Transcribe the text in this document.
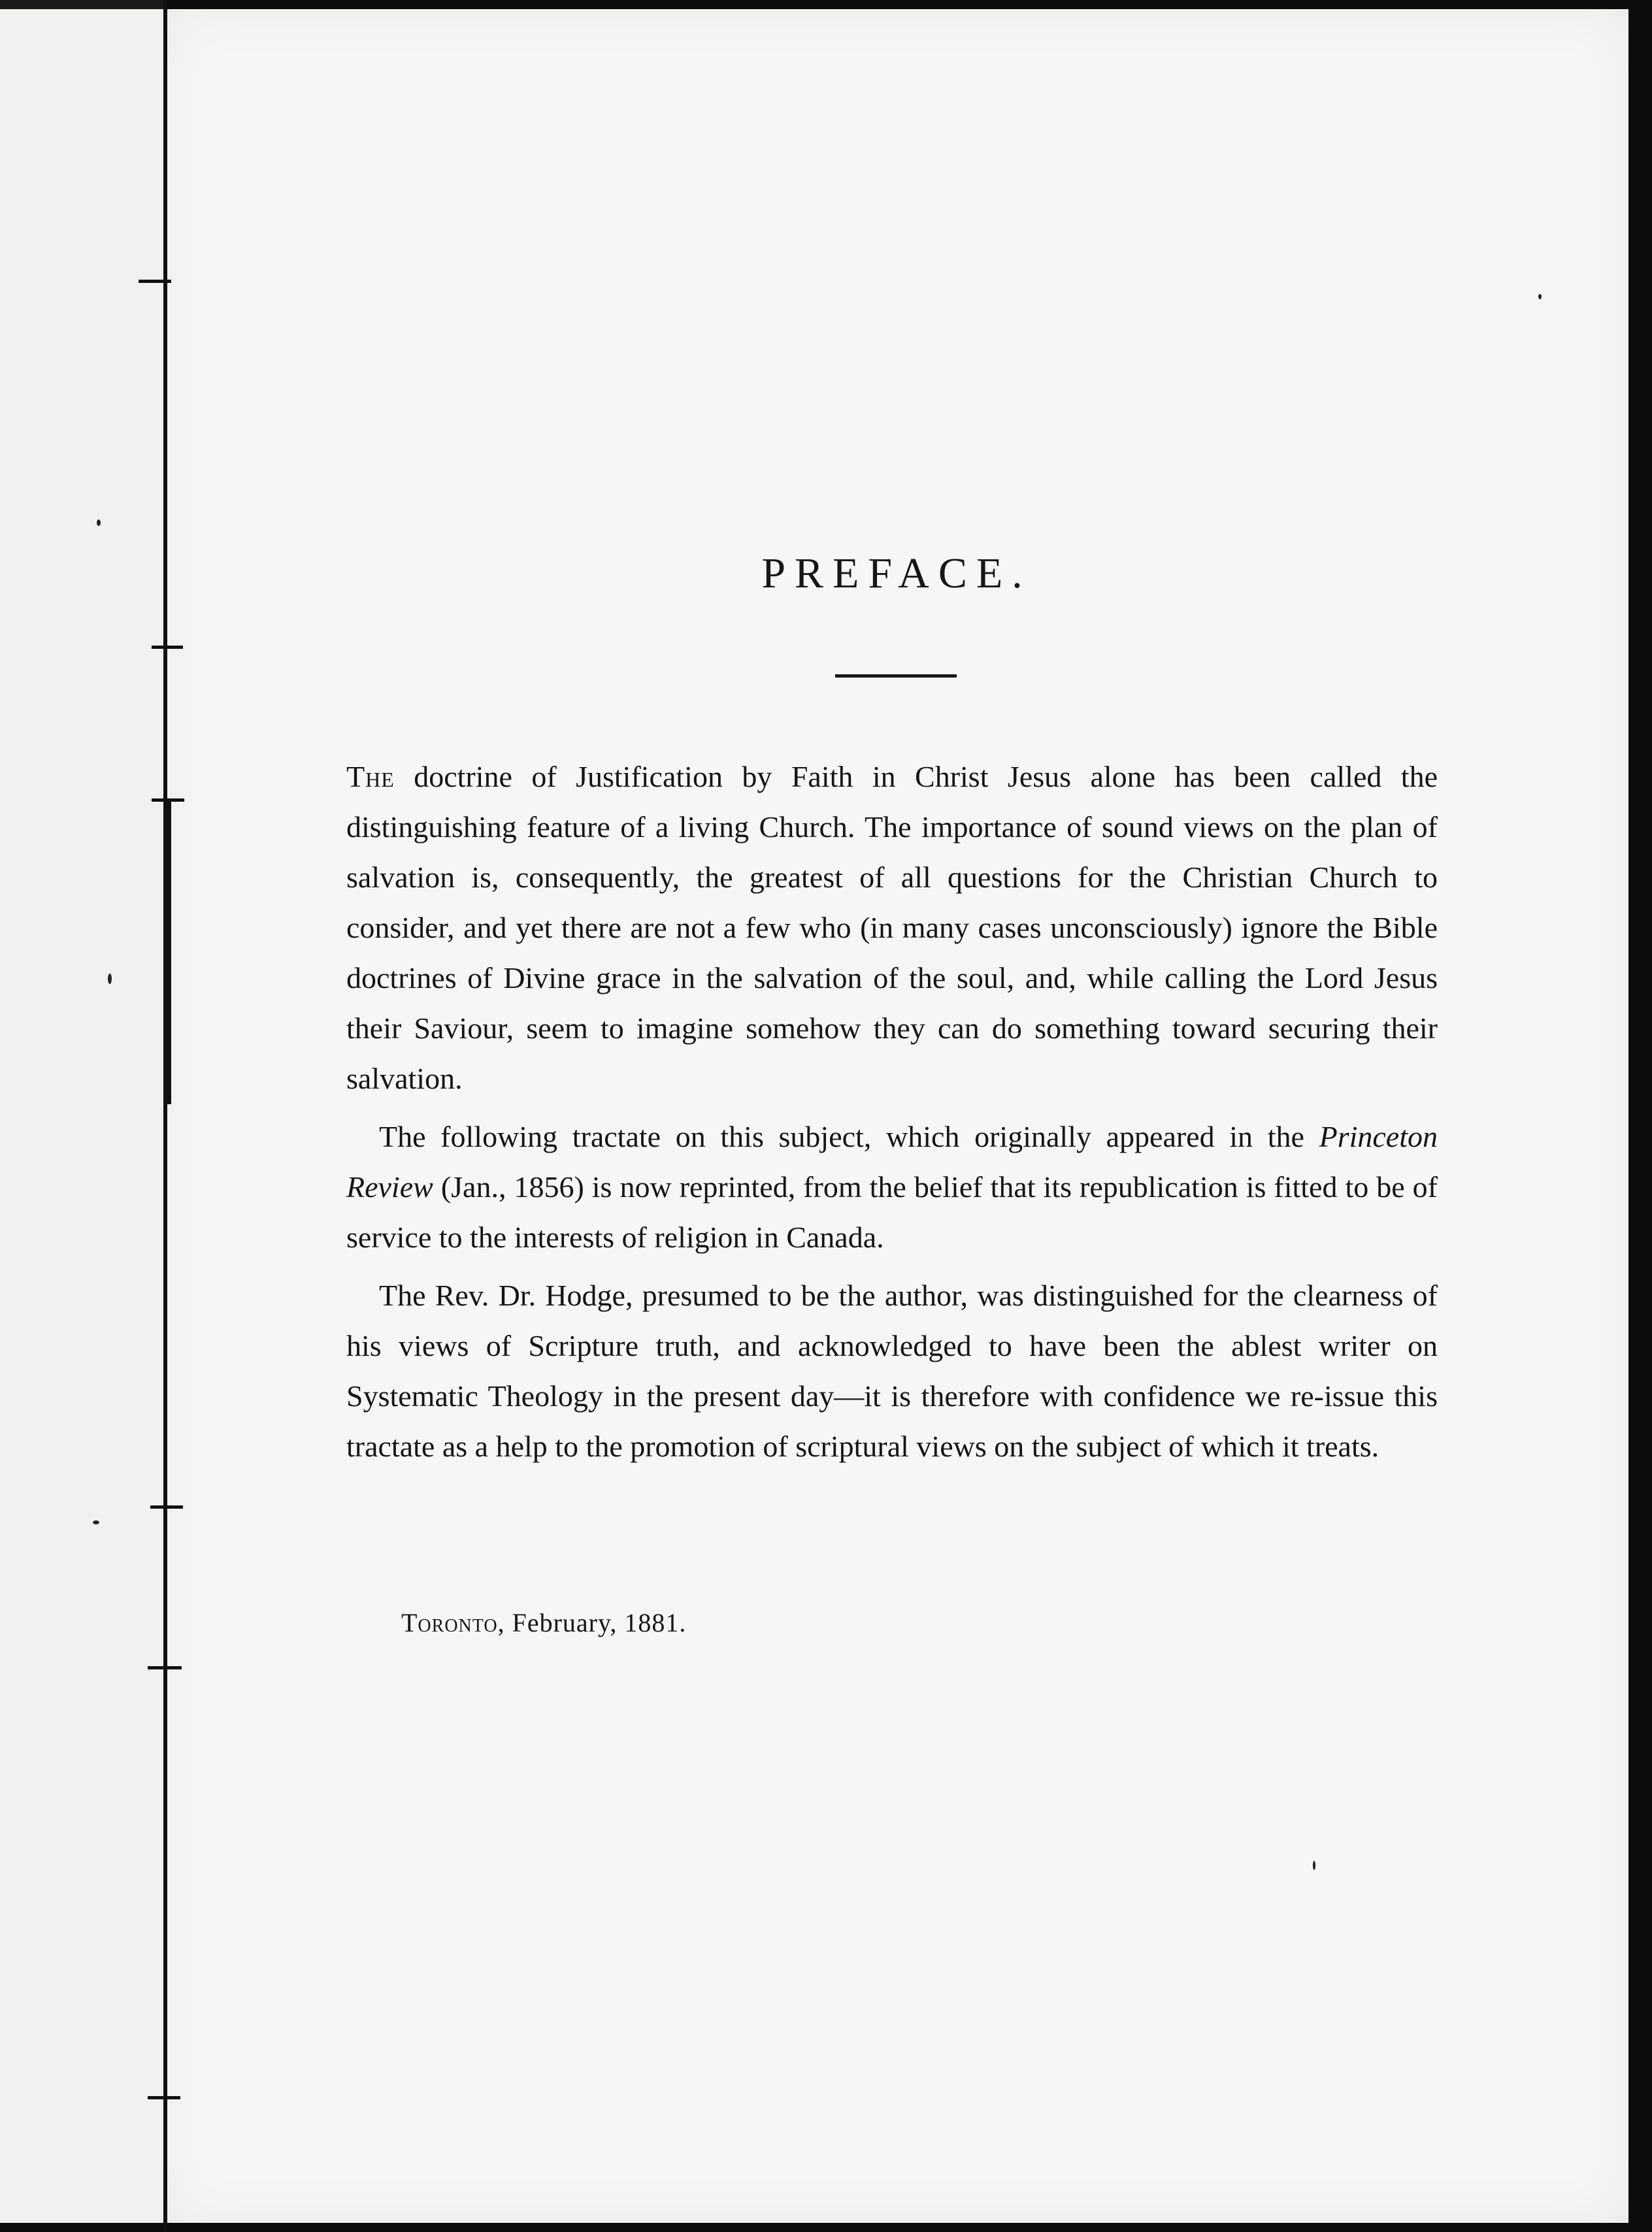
PREFACE.

The doctrine of Justification by Faith in Christ Jesus alone has been called the distinguishing feature of a living Church. The importance of sound views on the plan of salvation is, consequently, the greatest of all questions for the Christian Church to consider, and yet there are not a few who (in many cases unconsciously) ignore the Bible doctrines of Divine grace in the salvation of the soul, and, while calling the Lord Jesus their Saviour, seem to imagine somehow they can do something toward securing their salvation.

The following tractate on this subject, which originally appeared in the Princeton Review (Jan., 1856) is now reprinted, from the belief that its republication is fitted to be of service to the interests of religion in Canada.

The Rev. Dr. Hodge, presumed to be the author, was distinguished for the clearness of his views of Scripture truth, and acknowledged to have been the ablest writer on Systematic Theology in the present day—it is therefore with confidence we re-issue this tractate as a help to the promotion of scriptural views on the subject of which it treats.

Toronto, February, 1881.
